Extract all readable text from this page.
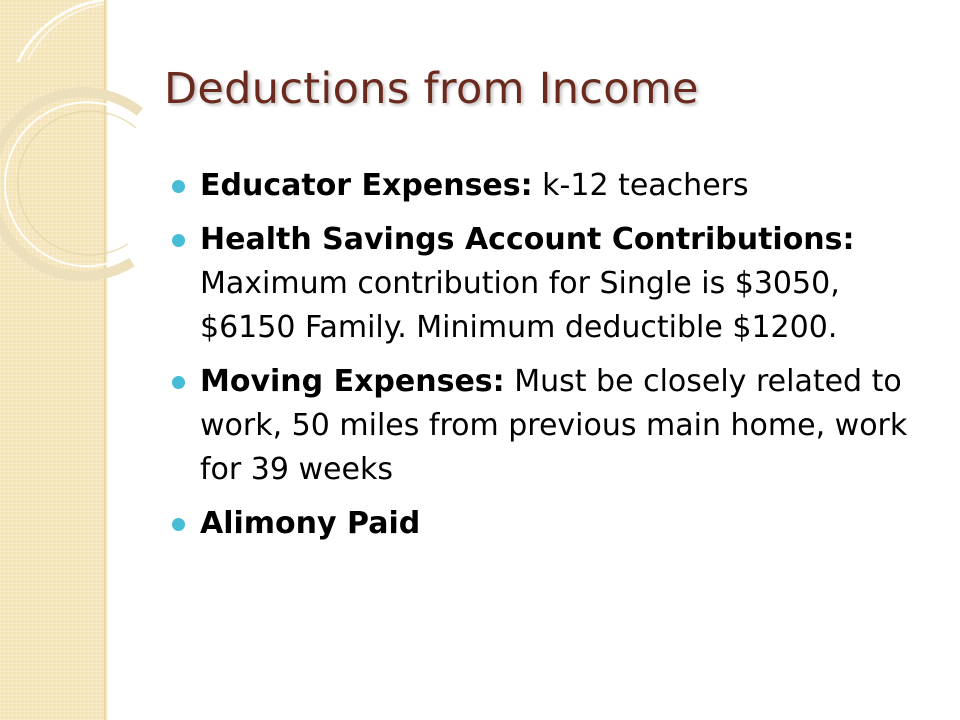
Deductions from Income
Educator Expenses: k-12 teachers
Health Savings Account Contributions: Maximum contribution for Single is $3050, $6150 Family. Minimum deductible $1200.
Moving Expenses: Must be closely related to work, 50 miles from previous main home, work for 39 weeks
Alimony Paid
